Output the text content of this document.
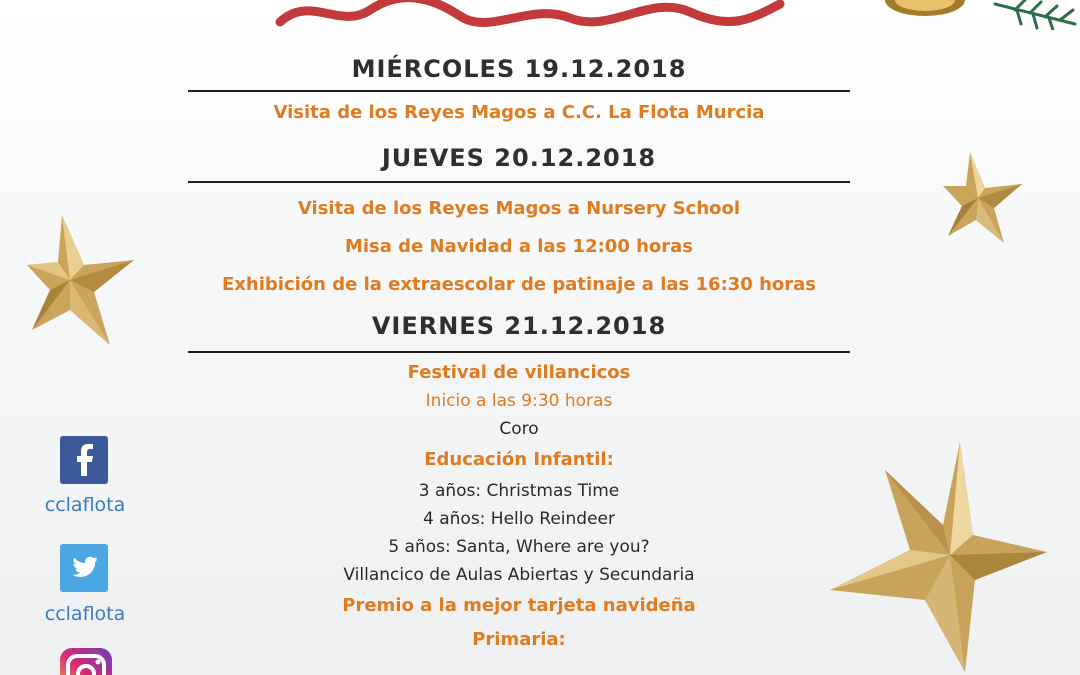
MIÉRCOLES 19.12.2018
Visita de los Reyes Magos a C.C. La Flota Murcia
JUEVES 20.12.2018
Visita de los Reyes Magos a Nursery School
Misa de Navidad a las 12:00 horas
Exhibición de la extraescolar de patinaje a las 16:30 horas
VIERNES 21.12.2018
Festival de villancicos
Inicio a las 9:30 horas
Coro
Educación Infantil:
3 años: Christmas Time
4 años: Hello Reindeer
5 años: Santa, Where are you?
Villancico de Aulas Abiertas y Secundaria
Premio a la mejor tarjeta navideña
Primaria:
cclaflota
cclaflota
